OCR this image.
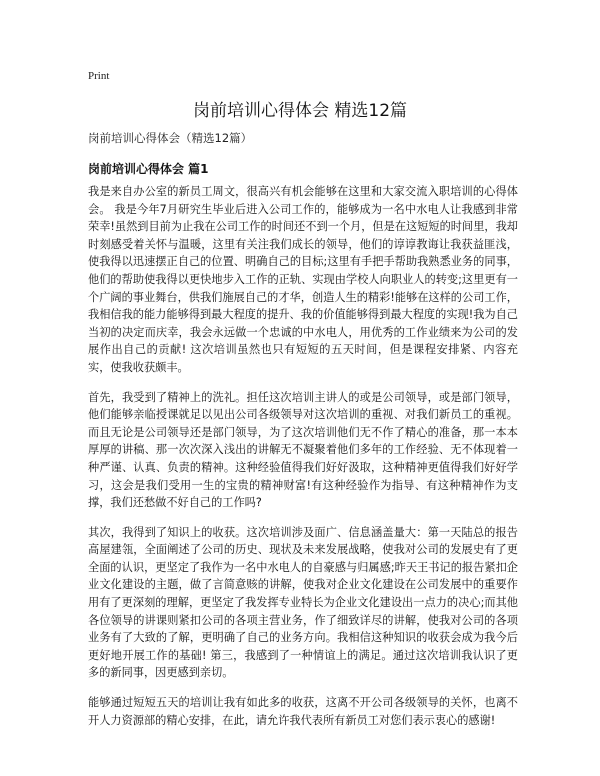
Print
岗前培训心得体会 精选12篇
岗前培训心得体会（精选12篇）
岗前培训心得体会 篇1

我是来自办公室的新员工周文，很高兴有机会能够在这里和大家交流入职培训的心得体会。 我是今年7月研究生毕业后进入公司工作的，能够成为一名中水电人让我感到非常荣幸!虽然到目前为止我在公司工作的时间还不到一个月，但是在这短短的时间里，我却时刻感受着关怀与温暖，这里有关注我们成长的领导，他们的谆谆教诲让我获益匪浅，使我得以迅速摆正自己的位置、明确自己的目标;这里有手把手帮助我熟悉业务的同事，他们的帮助使我得以更快地步入工作的正轨、实现由学校人向职业人的转变;这里更有一个广阔的事业舞台，供我们施展自己的才华，创造人生的精彩!能够在这样的公司工作，我相信我的能力能够得到最大程度的提升、我的价值能够得到最大程度的实现!我为自己当初的决定而庆幸，我会永远做一个忠诚的中水电人，用优秀的工作业绩来为公司的发展作出自己的贡献! 这次培训虽然也只有短短的五天时间，但是课程安排紧、内容充实，使我收获颇丰。

首先，我受到了精神上的洗礼。担任这次培训主讲人的或是公司领导，或是部门领导，他们能够亲临授课就足以见出公司各级领导对这次培训的重视、对我们新员工的重视。而且无论是公司领导还是部门领导，为了这次培训他们无不作了精心的准备，那一本本厚厚的讲稿、那一次次深入浅出的讲解无不凝聚着他们多年的工作经验、无不体现着一种严谨、认真、负责的精神。这种经验值得我们好好汲取，这种精神更值得我们好好学习，这会是我们受用一生的宝贵的精神财富!有这种经验作为指导、有这种精神作为支撑，我们还愁做不好自己的工作吗?

其次，我得到了知识上的收获。这次培训涉及面广、信息涵盖量大：第一天陆总的报告高屋建瓴，全面阐述了公司的历史、现状及未来发展战略，使我对公司的发展史有了更全面的认识，更坚定了我作为一名中水电人的自豪感与归属感;昨天王书记的报告紧扣企业文化建设的主题，做了言简意赅的讲解，使我对企业文化建设在公司发展中的重要作用有了更深刻的理解，更坚定了我发挥专业特长为企业文化建设出一点力的决心;而其他各位领导的讲课则紧扣公司的各项主营业务，作了细致详尽的讲解，使我对公司的各项业务有了大致的了解，更明确了自己的业务方向。我相信这种知识的收获会成为我今后更好地开展工作的基础! 第三，我感到了一种情谊上的满足。通过这次培训我认识了更多的新同事，因更感到亲切。

能够通过短短五天的培训让我有如此多的收获，这离不开公司各级领导的关怀，也离不开人力资源部的精心安排，在此，请允许我代表所有新员工对您们表示衷心的感谢!
